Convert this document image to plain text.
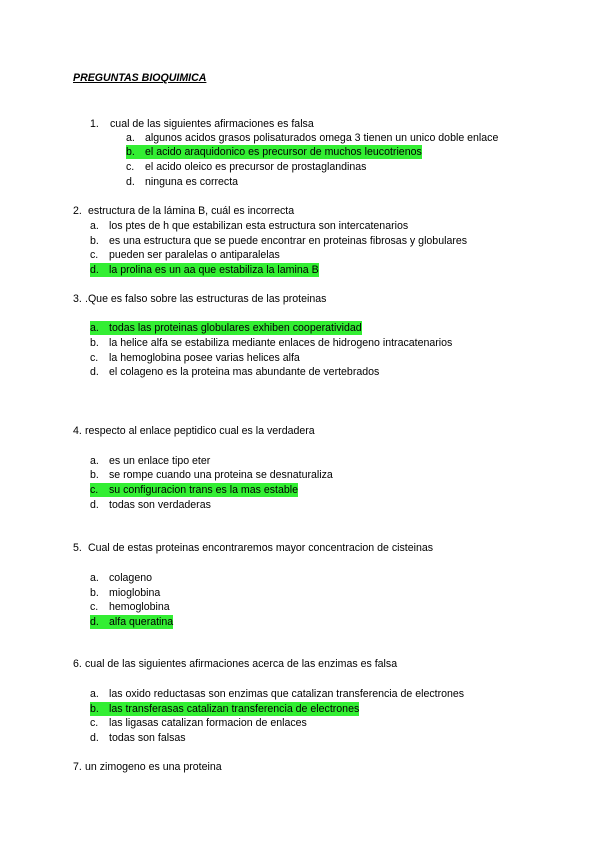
PREGUNTAS BIOQUIMICA
1. cual de las siguientes afirmaciones es falsa
a. algunos acidos grasos polisaturados omega 3 tienen un unico doble enlace
b. el acido araquidonico es precursor de muchos leucotrienos
c. el acido oleico es precursor de prostaglandinas
d. ninguna es correcta
2. estructura de la lámina B, cuál es incorrecta
a. los ptes de h que estabilizan esta estructura son intercatenarios
b. es una estructura que se puede encontrar en proteinas fibrosas y globulares
c. pueden ser paralelas o antiparalelas
d. la prolina es un aa que estabiliza la lamina B
3. .Que es falso sobre las estructuras de las proteinas
a. todas las proteinas globulares exhiben cooperatividad
b. la helice alfa se estabiliza mediante enlaces de hidrogeno intracatenarios
c. la hemoglobina posee varias helices alfa
d. el colageno es la proteina mas abundante de vertebrados
4. respecto al enlace peptidico cual es la verdadera
a. es un enlace tipo eter
b. se rompe cuando una proteina se desnaturaliza
c. su configuracion trans es la mas estable
d. todas son verdaderas
5. Cual de estas proteinas encontraremos mayor concentracion de cisteinas
a. colageno
b. mioglobina
c. hemoglobina
d. alfa queratina
6. cual de las siguientes afirmaciones acerca de las enzimas es falsa
a. las oxido reductasas son enzimas que catalizan transferencia de electrones
b. las transferasas catalizan transferencia de electrones
c. las ligasas catalizan formacion de enlaces
d. todas son falsas
7. un zimogeno es una proteina
